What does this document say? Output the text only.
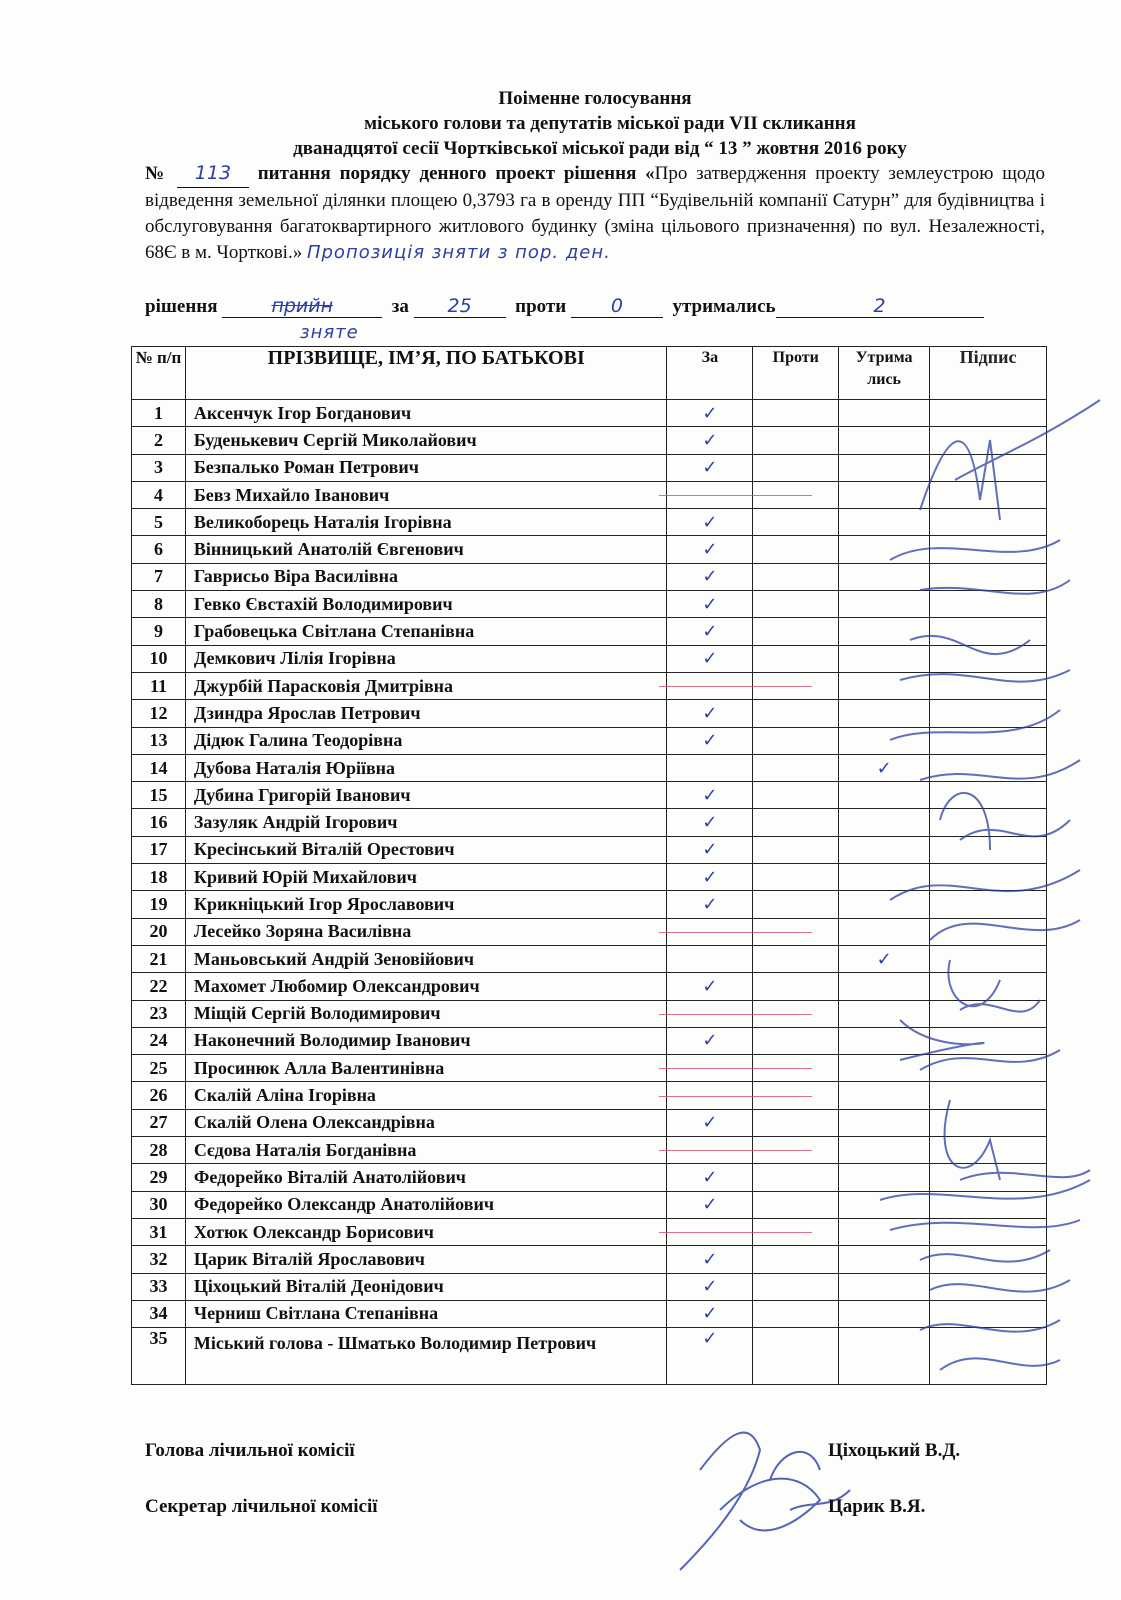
Поіменне голосування
міського голови та депутатів міської ради VII скликання
дванадцятої сесії Чортківської міської ради від “ 13 ” жовтня 2016 року
№ 113 питання порядку денного проект рішення «Про затвердження проекту землеустрою щодо відведення земельної ділянки площею 0,3793 га в оренду ПП “Будівельній компанії Сатурн” для будівництва і обслуговування багатоквартирного житлового будинку (зміна цільового призначення) по вул. Незалежності, 68Є в м. Чорткові.» Пропозиція зняти з пор. ден.
рішення	прийн	за 25 проти 0	утримались	2
зняте
№ п/п	ПРІЗВИЩЕ, ІМ’Я, ПО БАТЬКОВІ	За	Проти	Утрима лись	Підпис
1	Аксенчук Ігор Богданович	✓			
2	Буденькевич Сергій Миколайович	✓			
3	Безпалько Роман Петрович	✓			
4	Бевз Михайло Іванович				
5	Великоборець Наталія Ігорівна	✓			
6	Вінницький Анатолій Євгенович	✓			
7	Гаврисьо Віра Василівна	✓			
8	Гевко Євстахій Володимирович	✓			
9	Грабовецька Світлана Степанівна	✓			
10	Демкович Лілія Ігорівна	✓			
11	Джурбій Парасковія Дмитрівна				
12	Дзиндра Ярослав Петрович	✓			
13	Дідюк Галина Теодорівна	✓			
14	Дубова Наталія Юріївна			✓	
15	Дубина Григорій Іванович	✓			
16	Зазуляк Андрій Ігорович	✓			
17	Кресінський Віталій Орестович	✓			
18	Кривий Юрій Михайлович	✓			
19	Крикніцький Ігор Ярославович	✓			
20	Лесейко Зоряна Василівна				
21	Маньовський Андрій Зеновійович			✓	
22	Махомет Любомир Олександрович	✓			
23	Міщій Сергій Володимирович				
24	Наконечний Володимир Іванович	✓			
25	Просинюк Алла Валентинівна				
26	Скалій Аліна Ігорівна				
27	Скалій Олена Олександрівна	✓			
28	Сєдова Наталія Богданівна				
29	Федорейко Віталій Анатолійович	✓			
30	Федорейко Олександр Анатолійович	✓			
31	Хотюк Олександр Борисович				
32	Царик Віталій Ярославович	✓			
33	Ціхоцький Віталій Деонідович	✓			
34	Черниш Світлана Степанівна	✓			
35	Міський голова - Шматько Володимир Петрович	✓			
Голова лічильної комісії	Ціхоцький В.Д.
Секретар лічильної комісії	Царик В.Я.
